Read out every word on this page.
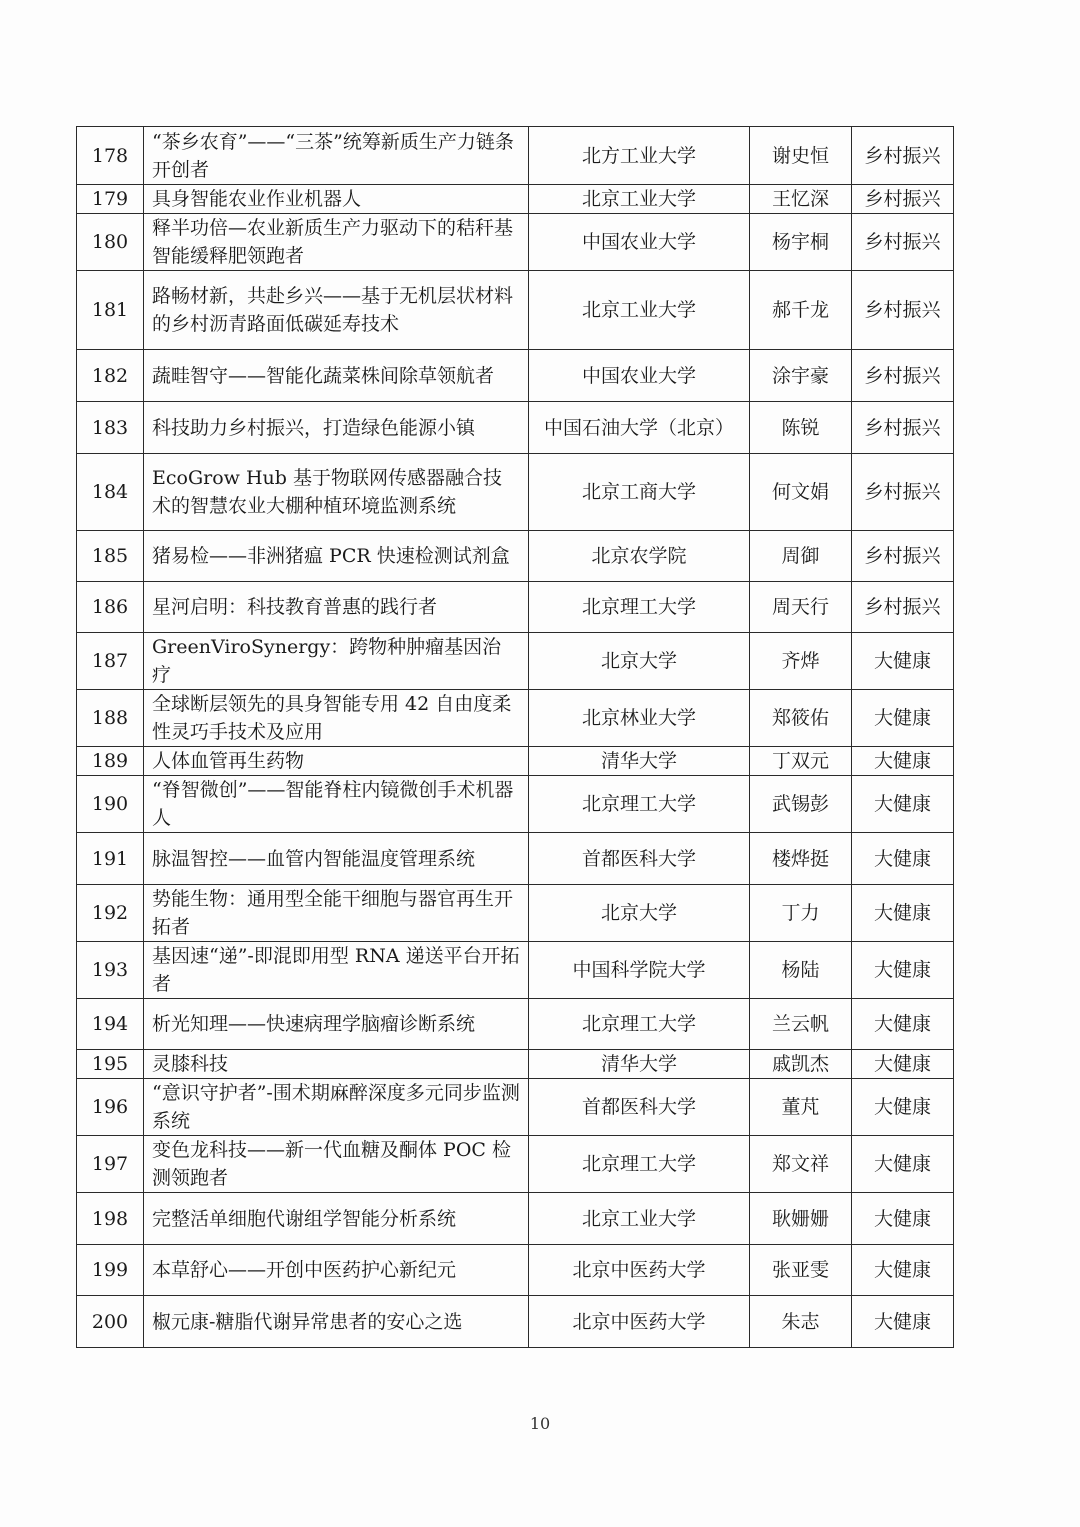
178	“茶乡农育”——“三茶”统筹新质生产力链条开创者	北方工业大学	谢史恒	乡村振兴
179	具身智能农业作业机器人	北京工业大学	王忆深	乡村振兴
180	释半功倍—农业新质生产力驱动下的秸秆基智能缓释肥领跑者	中国农业大学	杨宇桐	乡村振兴
181	路畅材新，共赴乡兴——基于无机层状材料的乡村沥青路面低碳延寿技术	北京工业大学	郝千龙	乡村振兴
182	蔬畦智守——智能化蔬菜株间除草领航者	中国农业大学	涂宇豪	乡村振兴
183	科技助力乡村振兴，打造绿色能源小镇	中国石油大学（北京）	陈锐	乡村振兴
184	EcoGrow Hub 基于物联网传感器融合技术的智慧农业大棚种植环境监测系统	北京工商大学	何文娟	乡村振兴
185	猪易检——非洲猪瘟 PCR 快速检测试剂盒	北京农学院	周御	乡村振兴
186	星河启明：科技教育普惠的践行者	北京理工大学	周天行	乡村振兴
187	GreenViroSynergy：跨物种肿瘤基因治疗	北京大学	齐烨	大健康
188	全球断层领先的具身智能专用 42 自由度柔性灵巧手技术及应用	北京林业大学	郑筱佑	大健康
189	人体血管再生药物	清华大学	丁双元	大健康
190	“脊智微创”——智能脊柱内镜微创手术机器人	北京理工大学	武锡彭	大健康
191	脉温智控——血管内智能温度管理系统	首都医科大学	楼烨挺	大健康
192	势能生物：通用型全能干细胞与器官再生开拓者	北京大学	丁力	大健康
193	基因速“递”-即混即用型 RNA 递送平台开拓者	中国科学院大学	杨陆	大健康
194	析光知理——快速病理学脑瘤诊断系统	北京理工大学	兰云帆	大健康
195	灵膝科技	清华大学	戚凯杰	大健康
196	“意识守护者”-围术期麻醉深度多元同步监测系统	首都医科大学	董芃	大健康
197	变色龙科技——新一代血糖及酮体 POC 检测领跑者	北京理工大学	郑文祥	大健康
198	完整活单细胞代谢组学智能分析系统	北京工业大学	耿姗姗	大健康
199	本草舒心——开创中医药护心新纪元	北京中医药大学	张亚雯	大健康
200	椒元康-糖脂代谢异常患者的安心之选	北京中医药大学	朱志	大健康
10
